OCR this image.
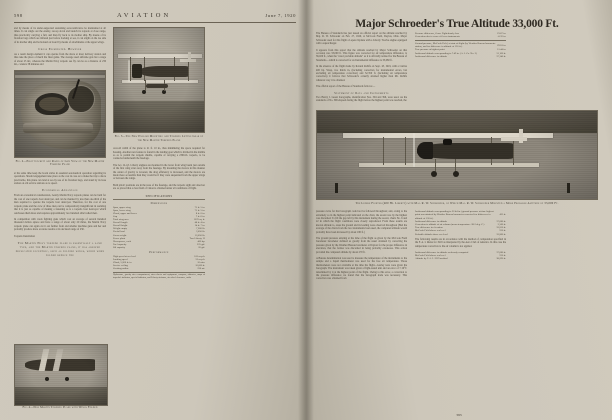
598	AVIATION	June 7, 1920

and by means of its under-supported sustaining aerocontrivance be maintained at all times. It can single out the enemy, swoop down and launch its torpedo at close range, thus practically carrying a full, and then fly back to its mother ship. By means of its flotation bags which are inflated just before backing at sea, it can alight on the lee side of its mother ship and be hoisted on board by means of attachments at the upper wings.

Cross Eliminated. However

As a result design element it can operate from the shore at most delivery station and thus take the place of much the finer game. The average used airframe gets but a range of about 25 mi.; whereas the Martin Navy torpedo sea fly can be as a distance of 230 mi., consists 38 minutes and

Fig. 2—Pilot Cockpit and Radio of Gun View of the New Martin Torpedo Plane

at the same time keep the boom sticks in essential aeronautical operation regarding its operations. Should engagement take place as the cost in case as to make the trip to shore practicable, this plane can land at sea by use of its flotation bags, and stand by its base station on old service stations as to speed.

Economical Advantage

From an economical consideration, twenty Martin Navy torpedo planes can be built for the cost of one torpedo boat destroyer, and can be manned by less than one-third of the men required to operate the torpedo boat destroyer. Therefore, for the cost of one torpedo plane and the crew of three men can be comparatively insignificant in realizing that it is just as capable of making a fastening as is a torpedo boat destroyer which outclasses them more and requires approximately two hundred able bodied men.

In competition with crack fighting guns which cost an average of several hundred thousand dollars apiece and have a range of about only 20 miles, the Martin Navy torpedo plane can again cut it out further from and smaller machine guns and her and probably produce more accurate results at its declared range of 230.

Torpedo Installation

The Martin Navy torpedo plane is essentially a land type, and the Martin torpedo plane, it has arrived duplicated eccentric, such as folding wings, which when folded reduce the

Fig. 3—The New English Mounting and Torpedo Lifting Gear of the New Martin Torpedo Plane

over-all width of the plane to 21 ft. 10 in., thus minimizing the space required for housing. Another new feature is found in the landing gear which is divided in the middle so as to permit the torpedo shuttle, capable of carrying a 2300-lb. torpedo, to be connected underneath the fuselage.

The two 12-cyl. Liberty engines are mounted in the lower front wing beam just outside of the first wing strut away from the fuselage. By mounting the motors in this manner the center of gravity is lowered, the drag efficiency is increased, and the motors are made more accessible than they would be if they were suspended from the upper wings or between the wings.

Both pilots' positions are in the nose of the fuselage, and the torpedo sight and observer are so placed that a clear field of vision is obtained under all conditions of flight.

SPECIFICATIONS
Dimensions
Span, upper wing	71 ft. 5 in.
Span, lower wing	71 ft. 5 in.
Chord, upper and lower	8 ft. 0 in.
Gap	7 ft. 6 in.
Total wing area	1070 sq. ft.
Overall length	46 ft. 4 in.
Overall height	14 ft. 7 in.
Weight empty	7,000 lb.
Useful load	3,650 lb.
Gross weight	10,650 lb.
Power plant	Two Liberty 12
Horsepower, each	400 hp.
Fuel capacity	225 gal.
Oil capacity	20 gal.
Performance
High speed at sea level	105 m.p.h.
Landing speed	52 m.p.h.
Climb, 5,000 ft. in	10 min.
Service ceiling	10,600 ft.
Cruising radius	230 mi.

Hydrovane, gravity steer compartment, stern sheets and equipment, compass, altimeter, maps of torpedo's indicator, special indicator, and Liberty airframe, air wheel clearance, radio

Fig. 4—New Martin Torpedo Plane with Wings Folded
Major Schroeder's True Altitude 33,000 Ft.

The Bureau of Standards has just issued an official report on the altitude reached by Maj. R. W. Schroeder on Feb. 27, 1920, at McCook Field, Dayton, Ohio. Major Schroeder used for this flight a Lepere biplane with a Liberty Twelve engine equipped with a supercharger.

It appears from this report that the altitude reached by Major Schroeder on that occasion was 33,000 ft. This figure was corrected for air temperature difference, is 36,020 ft., when the "exact probable altitude" as it is officially termed for the Bureau of Standards—which is corrected for an Instrumental difference is 33,080 ft.

In the absence of the flight made by Roland Rohlfs on Sept. 18, 1919, with a Curtiss 400 hp. Wasp, two thirds in, (including correction for instrumental errors, but excluding air temperature correction) and 32,350 ft. (including air temperature correction) it follows that Schroeder's actually attained higher than Mr. Rohlfs whatever way it is obtained.

The official report of the Bureau of Standards follows:—

Statement of Data and Instruments

Two Henry J. Green barographs, identification Nos. 394 and 396, were used. As the standards of No. 396 elapsed during the flight before the highest point was reached, the

Pressure difference, Gaus. Fight-hourly loss	23.67 in.
Correction due to error of Green instruments	-0.32 in.
Ground pressure, McCook Field, at start of flight (by Weather Bureau barometer station, and for difference in altitude of 130 ft.)	29.18 in.
True pressure at highest point	11.44 in.
Isothermal altitude corresponding to 7.49 in. (A. J. Co. No. 3)	31,100 ft.
Isothermal difference in altitude	37,340 ft.
The Lepere Fighter (400 Hp. Liberty) with Maj. R. W. Schroeder, of Which Maj. R. W. Schroeder Mounted a More Probable Altitude of 33,000 Ft.

pressure curve for that barograph could not be followed throughout; and, owing to the extremely so in the highest point indicated on the chart, the ascent was by the highest was discarded. To fill the gap left by this instrument during the ascent, charts No. 6 and 22 in which the flight conditions were closely reproduced. From these results are known altitude to, areas the ground and its leading were observed throughout (Had the average of the charts from the two instruments been used, the computed altitude would probably have been increased by about 180 ft.)

The ground pressure existing at the time of the flight as given by the McCook Field barometer barometer deflated as greatly from the usual obtained by correcting the pressure given by the Weather Bureau barometer at Dayton for the proper difference in elevation, that the former was discarded in being probably erroneous. This action provided the computed altitude by about 270 ft.

A Bureau determination was used to measure the temperature of the instruments to the sample and a liquid thermometer was used for the free air temperature. These thermometers were not available at the time the flight—Gurley tests were given the barograph. The instrument was taken given a flight-tested unit and an error of ± 20°C determined by it at the highest point of the flight. Owing to this error, a correction to the pressure difference we found that the barograph trade was necessary. This correction was obtained from

Isothermal altitude corresponding to 22.44 in. (ground pressure at time highest point was attained by Weather Bureau barometer corrected for difference in altitude of 130 ft.)	425 ft.
Isothermal difference in altitude	37,680 ft.
Correction to altitude of air column (mean temperature -38.2 deg. C.)	3,560 ft.
True difference in elevation	33,810 ft.
McCook Field above sea level	910 ft.
Probable altitude above sea level	33,860 ft.

The following results are in accordance with the method of computation specified in the F. A. I. Rules for 1919 as interpreted by the Aero Club of America. In this case the temperature correction to the air column is not applied.

Isothermal difference in altitude as already computed	37,680 ft.
McCook Field above sea level	910 ft.
Altitude by F. A. I. 1919 method	38,090 ft.
593
